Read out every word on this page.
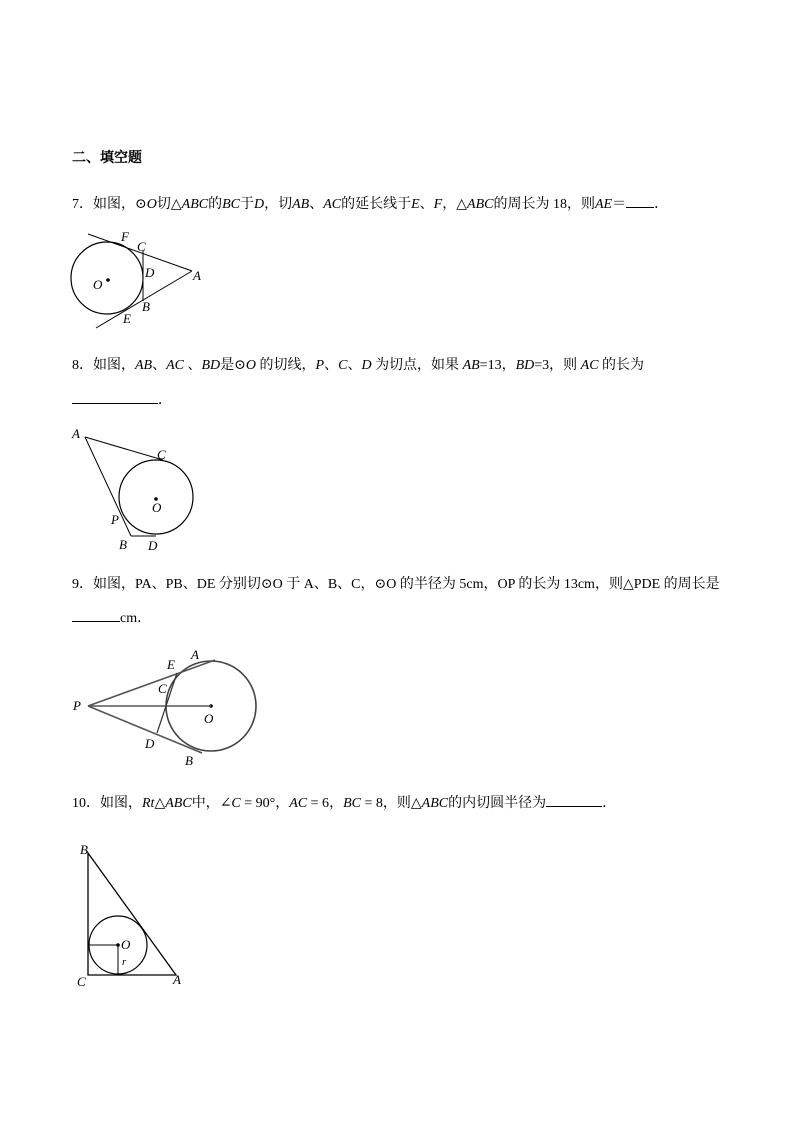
二、填空题
7．如图，⊙O切△ABC的BC于D，切AB、AC的延长线于E、F，△ABC的周长为 18，则AE＝ ．
F
C
D	A
O
B
E
8．如图，AB、AC 、BD是⊙O 的切线，P、C、D 为切点，如果 AB=13，BD=3，则 AC 的长为
．
A
C
O
P
B D
9．如图，PA、PB、DE 分别切⊙O 于 A、B、C，⊙O 的半径为 5cm，OP 的长为 13cm，则△PDE 的周长是
cm．
E
A
C
P
O
D
B
10．如图，Rt△ABC中，∠C = 90°，AC = 6，BC = 8，则△ABC的内切圆半径为	．
B
O
r
C	A
